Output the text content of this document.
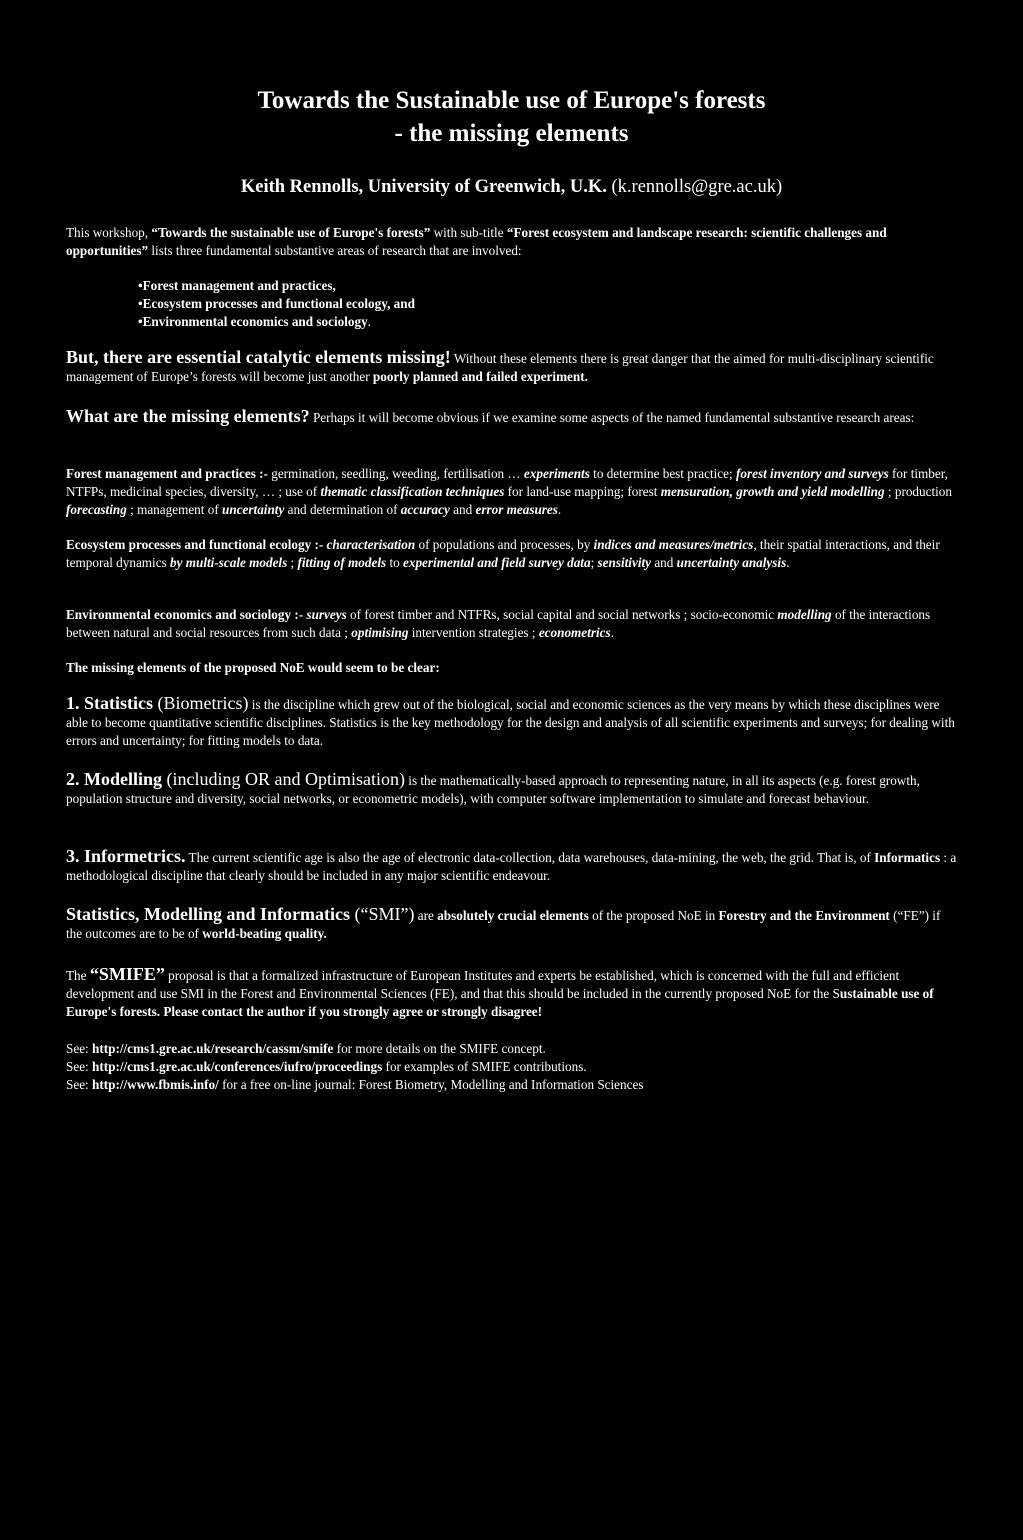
Towards the Sustainable use of Europe's forests
- the missing elements
Keith Rennolls, University of Greenwich, U.K. (k.rennolls@gre.ac.uk)
This workshop, “Towards the sustainable use of Europe's forests” with sub-title “Forest ecosystem and landscape research: scientific challenges and opportunities” lists three fundamental substantive areas of research that are involved:
•Forest management and practices,
•Ecosystem processes and functional ecology, and
•Environmental economics and sociology.
But, there are essential catalytic elements missing! Without these elements there is great danger that the aimed for multi-disciplinary scientific management of Europe’s forests will become just another poorly planned and failed experiment.
What are the missing elements? Perhaps it will become obvious if we examine some aspects of the named fundamental substantive research areas:
Forest management and practices :- germination, seedling, weeding, fertilisation … experiments to determine best practice; forest inventory and surveys for timber, NTFPs, medicinal species, diversity, … ; use of thematic classification techniques for land-use mapping; forest mensuration, growth and yield modelling ; production forecasting ; management of uncertainty and determination of accuracy and error measures.
Ecosystem processes and functional ecology :- characterisation of populations and processes, by indices and measures/metrics, their spatial interactions, and their temporal dynamics by multi-scale models ; fitting of models to experimental and field survey data; sensitivity and uncertainty analysis.
Environmental economics and sociology :- surveys of forest timber and NTFRs, social capital and social networks ; socio-economic modelling of the interactions between natural and social resources from such data ; optimising intervention strategies ; econometrics.
The missing elements of the proposed NoE would seem to be clear:
1. Statistics (Biometrics) is the discipline which grew out of the biological, social and economic sciences as the very means by which these disciplines were able to become quantitative scientific disciplines. Statistics is the key methodology for the design and analysis of all scientific experiments and surveys; for dealing with errors and uncertainty; for fitting models to data.
2. Modelling (including OR and Optimisation) is the mathematically-based approach to representing nature, in all its aspects (e.g. forest growth, population structure and diversity, social networks, or econometric models), with computer software implementation to simulate and forecast behaviour.
3. Informetrics. The current scientific age is also the age of electronic data-collection, data warehouses, data-mining, the web, the grid. That is, of Informatics : a methodological discipline that clearly should be included in any major scientific endeavour.
Statistics, Modelling and Informatics (“SMI”) are absolutely crucial elements of the proposed NoE in Forestry and the Environment (“FE”) if the outcomes are to be of world-beating quality.
The “SMIFE” proposal is that a formalized infrastructure of European Institutes and experts be established, which is concerned with the full and efficient development and use SMI in the Forest and Environmental Sciences (FE), and that this should be included in the currently proposed NoE for the Sustainable use of Europe's forests. Please contact the author if you strongly agree or strongly disagree!
See: http://cms1.gre.ac.uk/research/cassm/smife for more details on the SMIFE concept.
See: http://cms1.gre.ac.uk/conferences/iufro/proceedings for examples of SMIFE contributions.
See: http://www.fbmis.info/ for a free on-line journal: Forest Biometry, Modelling and Information Sciences
